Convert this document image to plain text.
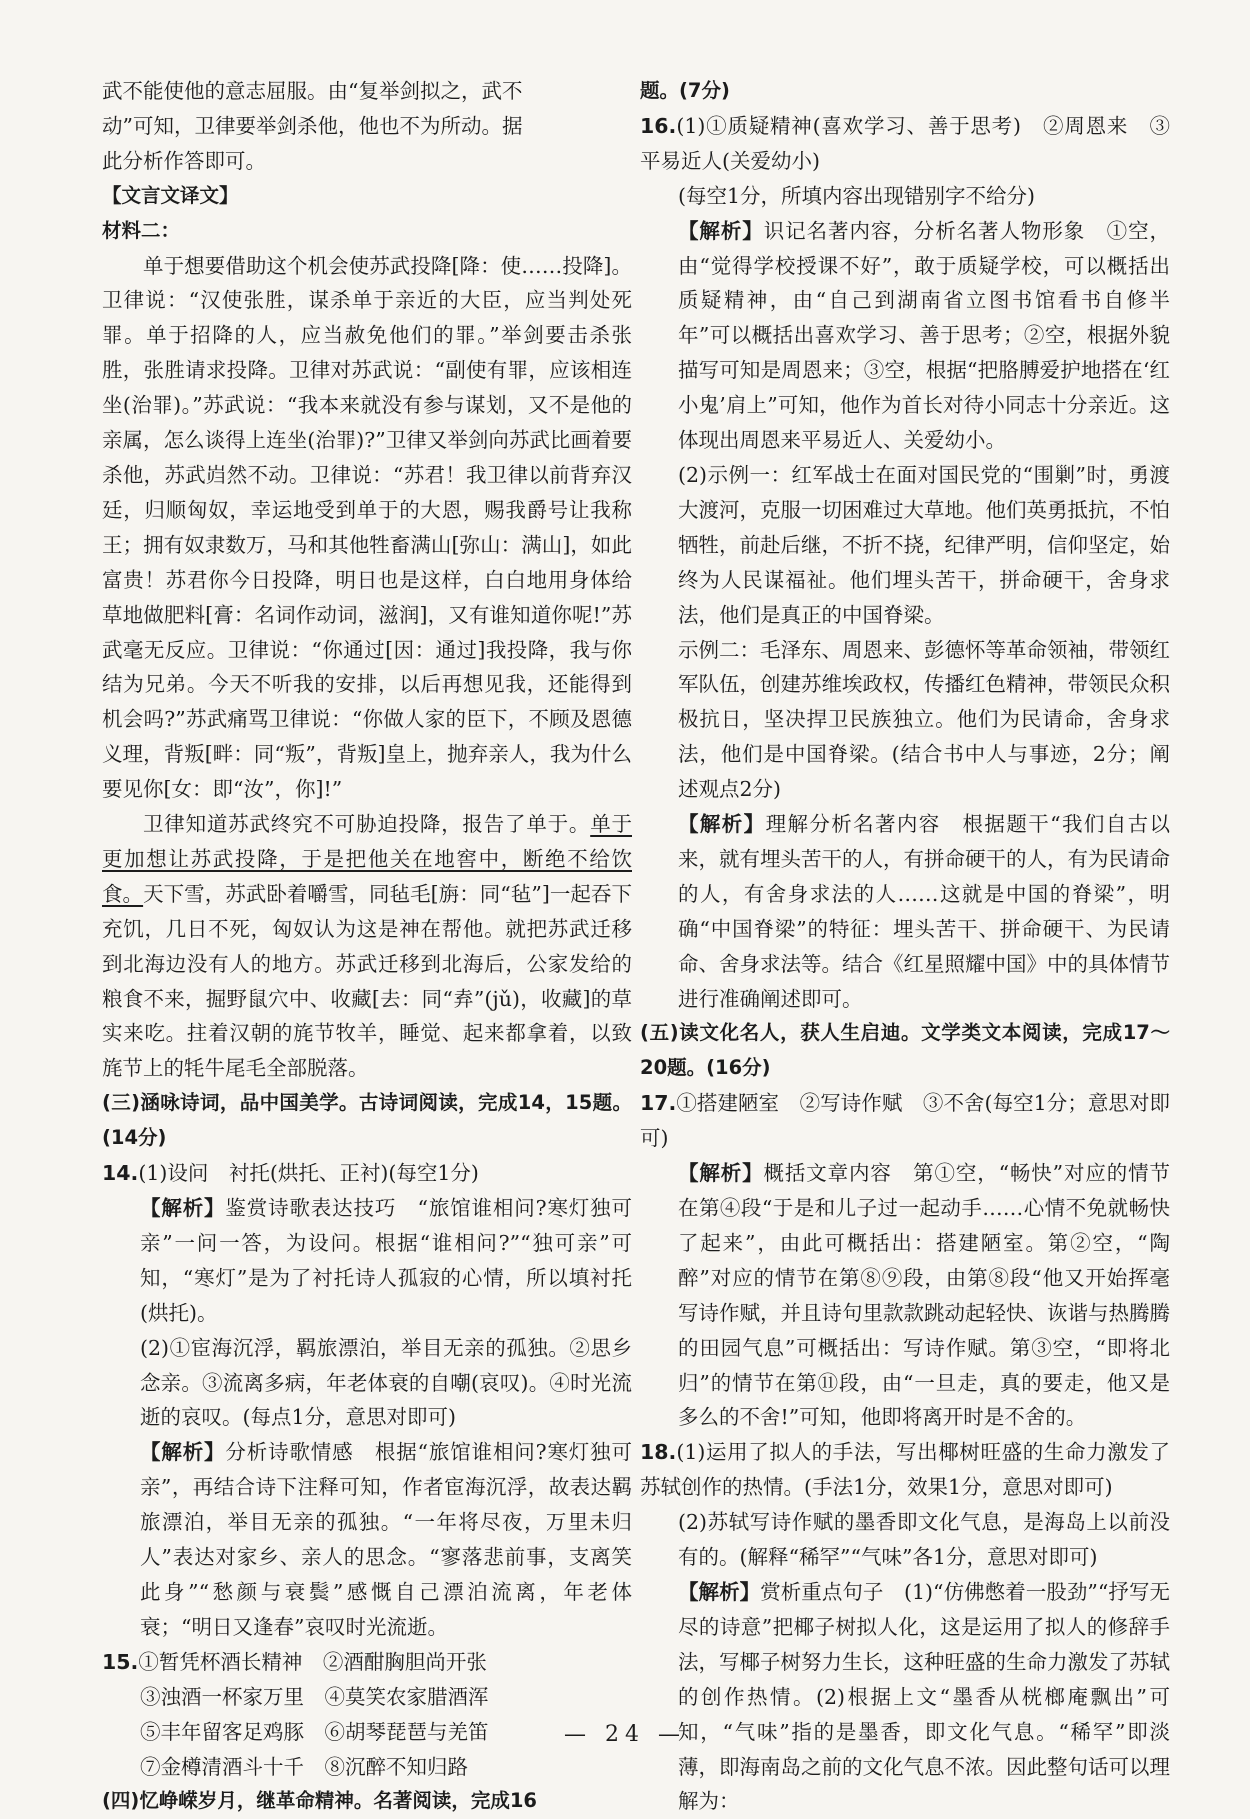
武不能使他的意志屈服。由“复举剑拟之，武不

动”可知，卫律要举剑杀他，他也不为所动。据

此分析作答即可。

【文言文译文】

材料二：

单于想要借助这个机会使苏武投降[降：使……投降]。卫律说：“汉使张胜，谋杀单于亲近的大臣，应当判处死罪。单于招降的人，应当赦免他们的罪。”举剑要击杀张胜，张胜请求投降。卫律对苏武说：“副使有罪，应该相连坐(治罪)。”苏武说：“我本来就没有参与谋划，又不是他的亲属，怎么谈得上连坐(治罪)?”卫律又举剑向苏武比画着要杀他，苏武岿然不动。卫律说：“苏君！我卫律以前背弃汉廷，归顺匈奴，幸运地受到单于的大恩，赐我爵号让我称王；拥有奴隶数万，马和其他牲畜满山[弥山：满山]，如此富贵！苏君你今日投降，明日也是这样，白白地用身体给草地做肥料[膏：名词作动词，滋润]，又有谁知道你呢!”苏武毫无反应。卫律说：“你通过[因：通过]我投降，我与你结为兄弟。今天不听我的安排，以后再想见我，还能得到机会吗?”苏武痛骂卫律说：“你做人家的臣下，不顾及恩德义理，背叛[畔：同“叛”，背叛]皇上，抛弃亲人，我为什么要见你[女：即“汝”，你]!”

卫律知道苏武终究不可胁迫投降，报告了单于。单于更加想让苏武投降，于是把他关在地窖中，断绝不给饮食。天下雪，苏武卧着嚼雪，同毡毛[旃：同“毡”]一起吞下充饥，几日不死，匈奴认为这是神在帮他。就把苏武迁移到北海边没有人的地方。苏武迁移到北海后，公家发给的粮食不来，掘野鼠穴中、收藏[去：同“弆”(jǔ)，收藏]的草实来吃。拄着汉朝的旄节牧羊，睡觉、起来都拿着，以致旄节上的牦牛尾毛全部脱落。

(三)涵咏诗词，品中国美学。古诗词阅读，完成14，15题。(14分)

14.(1)设问　衬托(烘托、正衬)(每空1分)

【解析】鉴赏诗歌表达技巧　“旅馆谁相问?寒灯独可亲”一问一答，为设问。根据“谁相问?”“独可亲”可知，“寒灯”是为了衬托诗人孤寂的心情，所以填衬托(烘托)。

(2)①宦海沉浮，羁旅漂泊，举目无亲的孤独。②思乡念亲。③流离多病，年老体衰的自嘲(哀叹)。④时光流逝的哀叹。(每点1分，意思对即可)

【解析】分析诗歌情感　根据“旅馆谁相问?寒灯独可亲”，再结合诗下注释可知，作者宦海沉浮，故表达羁旅漂泊，举目无亲的孤独。“一年将尽夜，万里未归人”表达对家乡、亲人的思念。“寥落悲前事，支离笑此身”“愁颜与衰鬓”感慨自己漂泊流离，年老体衰；“明日又逢春”哀叹时光流逝。

15.①暂凭杯酒长精神　②酒酣胸胆尚开张

③浊酒一杯家万里　④莫笑农家腊酒浑

⑤丰年留客足鸡豚　⑥胡琴琵琶与羌笛

⑦金樽清酒斗十千　⑧沉醉不知归路

(四)忆峥嵘岁月，继革命精神。名著阅读，完成16

题。(7分)

16.(1)①质疑精神(喜欢学习、善于思考)　②周恩来　③平易近人(关爱幼小)

(每空1分，所填内容出现错别字不给分)

【解析】识记名著内容，分析名著人物形象　①空，由“觉得学校授课不好”，敢于质疑学校，可以概括出质疑精神，由“自己到湖南省立图书馆看书自修半年”可以概括出喜欢学习、善于思考；②空，根据外貌描写可知是周恩来；③空，根据“把胳膊爱护地搭在‘红小鬼’肩上”可知，他作为首长对待小同志十分亲近。这体现出周恩来平易近人、关爱幼小。

(2)示例一：红军战士在面对国民党的“围剿”时，勇渡大渡河，克服一切困难过大草地。他们英勇抵抗，不怕牺牲，前赴后继，不折不挠，纪律严明，信仰坚定，始终为人民谋福祉。他们埋头苦干，拼命硬干，舍身求法，他们是真正的中国脊梁。

示例二：毛泽东、周恩来、彭德怀等革命领袖，带领红军队伍，创建苏维埃政权，传播红色精神，带领民众积极抗日，坚决捍卫民族独立。他们为民请命，舍身求法，他们是中国脊梁。(结合书中人与事迹，2分；阐述观点2分)

【解析】理解分析名著内容　根据题干“我们自古以来，就有埋头苦干的人，有拼命硬干的人，有为民请命的人，有舍身求法的人……这就是中国的脊梁”，明确“中国脊梁”的特征：埋头苦干、拼命硬干、为民请命、舍身求法等。结合《红星照耀中国》中的具体情节进行准确阐述即可。

(五)读文化名人，获人生启迪。文学类文本阅读，完成17～20题。(16分)

17.①搭建陋室　②写诗作赋　③不舍(每空1分；意思对即可)

【解析】概括文章内容　第①空，“畅快”对应的情节在第④段“于是和儿子过一起动手……心情不免就畅快了起来”，由此可概括出：搭建陋室。第②空，“陶醉”对应的情节在第⑧⑨段，由第⑧段“他又开始挥毫写诗作赋，并且诗句里款款跳动起轻快、诙谐与热腾腾的田园气息”可概括出：写诗作赋。第③空，“即将北归”的情节在第⑪段，由“一旦走，真的要走，他又是多么的不舍!”可知，他即将离开时是不舍的。

18.(1)运用了拟人的手法，写出椰树旺盛的生命力激发了苏轼创作的热情。(手法1分，效果1分，意思对即可)

(2)苏轼写诗作赋的墨香即文化气息，是海岛上以前没有的。(解释“稀罕”“气味”各1分，意思对即可)

【解析】赏析重点句子　(1)“仿佛憋着一股劲”“抒写无尽的诗意”把椰子树拟人化，这是运用了拟人的修辞手法，写椰子树努力生长，这种旺盛的生命力激发了苏轼的创作热情。(2)根据上文“墨香从桄榔庵飘出”可知，“气味”指的是墨香，即文化气息。“稀罕”即淡薄，即海南岛之前的文化气息不浓。因此整句话可以理解为：

— 24 —
